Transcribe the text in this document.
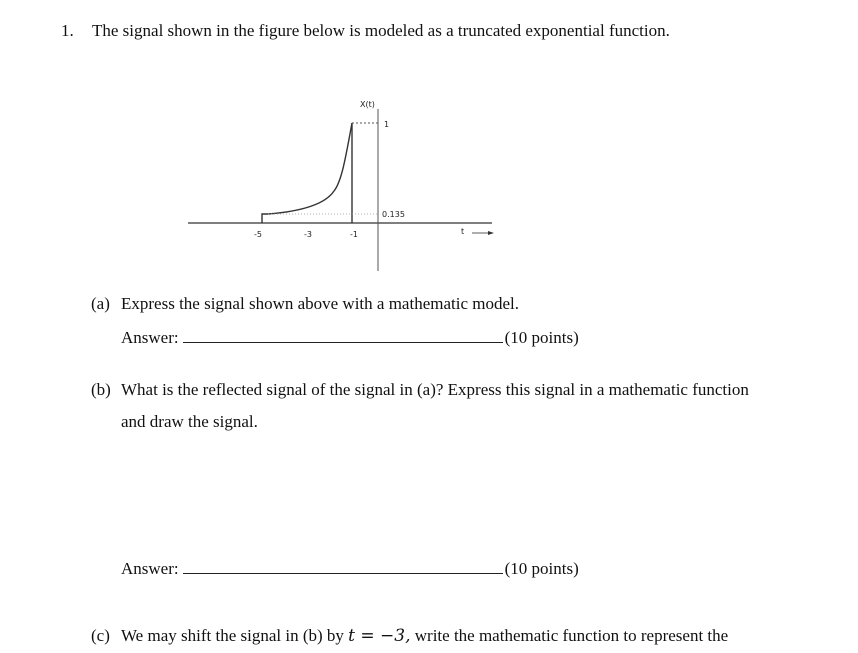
1. The signal shown in the figure below is modeled as a truncated exponential function.
X(t)
1
0.135
-5	-3	-1	t
(a) Express the signal shown above with a mathematic model.
Answer:	(10 points)
(b) What is the reflected signal of the signal in (a)? Express this signal in a mathematic function
and draw the signal.
Answer:	(10 points)
(c) We may shift the signal in (b) by t = −3, write the mathematic function to represent the
